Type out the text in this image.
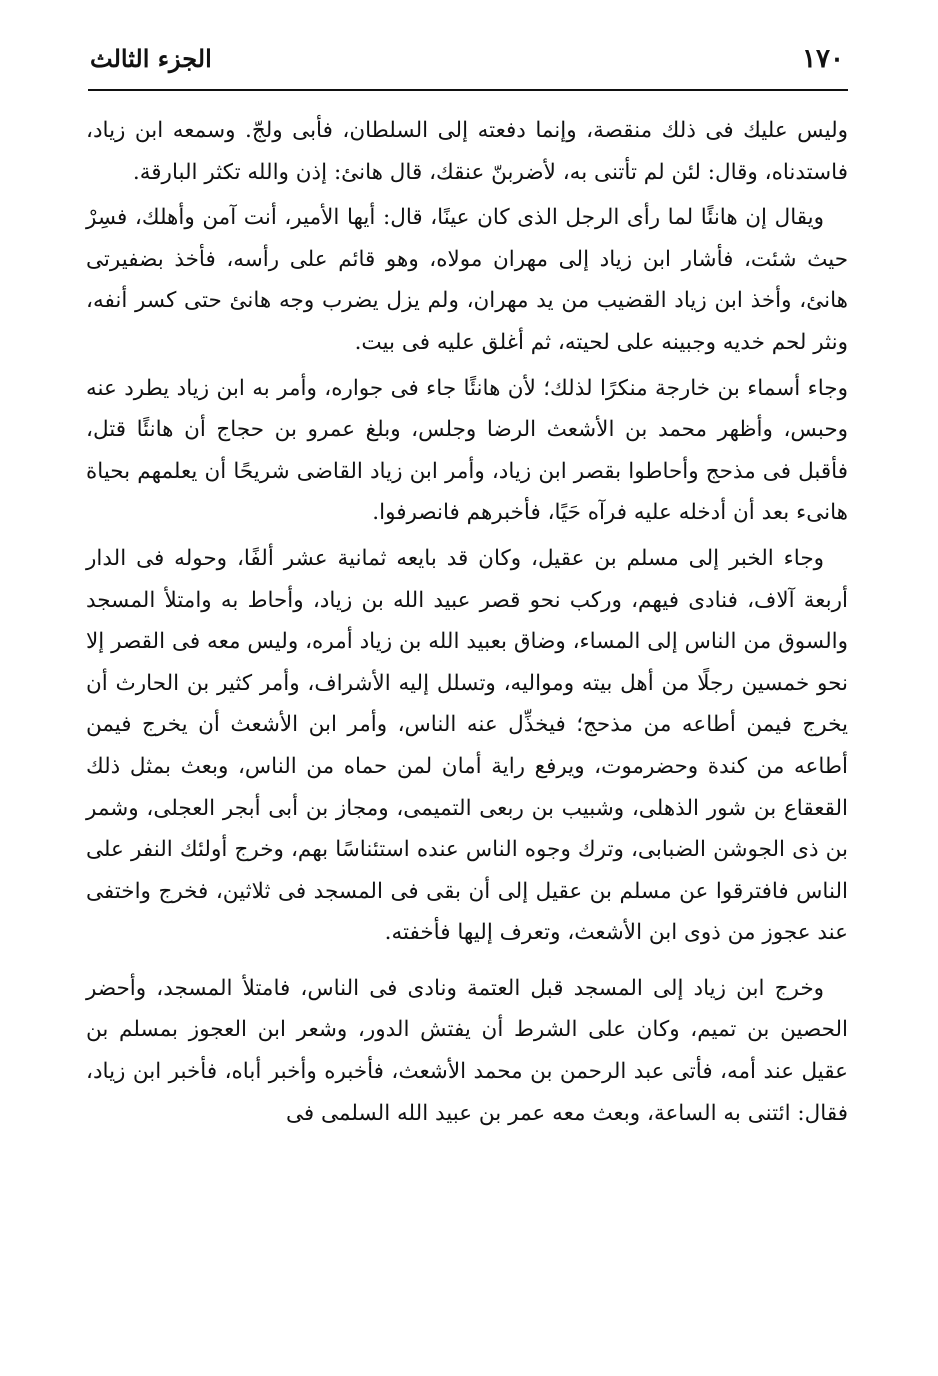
١٧٠
الجزء الثالث

وليس عليك فى ذلك منقصة، وإنما دفعته إلى السلطان، فأبى ولجّ. وسمعه ابن زياد، فاستدناه، وقال: لئن لم تأتنى به، لأضربنّ عنقك، قال هانئ: إذن والله تكثر البارقة.

ويقال إن هانئًا لما رأى الرجل الذى كان عينًا، قال: أيها الأمير، أنت آمن وأهلك، فسِرْ حيث شئت، فأشار ابن زياد إلى مهران مولاه، وهو قائم على رأسه، فأخذ بضفيرتى هانئ، وأخذ ابن زياد القضيب من يد مهران، ولم يزل يضرب وجه هانئ حتى كسر أنفه، ونثر لحم خديه وجبينه على لحيته، ثم أغلق عليه فى بيت.

وجاء أسماء بن خارجة منكرًا لذلك؛ لأن هانئًا جاء فى جواره، وأمر به ابن زياد يطرد عنه وحبس، وأظهر محمد بن الأشعث الرضا وجلس، وبلغ عمرو بن حجاج أن هانئًا قتل، فأقبل فى مذحج وأحاطوا بقصر ابن زياد، وأمر ابن زياد القاضى شريحًا أن يعلمهم بحياة هانىء بعد أن أدخله عليه فرآه حَيًا، فأخبرهم فانصرفوا.

وجاء الخبر إلى مسلم بن عقيل، وكان قد بايعه ثمانية عشر ألفًا، وحوله فى الدار أربعة آلاف، فنادى فيهم، وركب نحو قصر عبيد الله بن زياد، وأحاط به وامتلأ المسجد والسوق من الناس إلى المساء، وضاق بعبيد الله بن زياد أمره، وليس معه فى القصر إلا نحو خمسين رجلًا من أهل بيته ومواليه، وتسلل إليه الأشراف، وأمر كثير بن الحارث أن يخرج فيمن أطاعه من مذحج؛ فيخذِّل عنه الناس، وأمر ابن الأشعث أن يخرج فيمن أطاعه من كندة وحضرموت، ويرفع راية أمان لمن حماه من الناس، وبعث بمثل ذلك القعقاع بن شور الذهلى، وشبيب بن ربعى التميمى، ومجاز بن أبى أبجر العجلى، وشمر بن ذى الجوشن الضبابى، وترك وجوه الناس عنده استئناسًا بهم، وخرج أولئك النفر على الناس فافترقوا عن مسلم بن عقيل إلى أن بقى فى المسجد فى ثلاثين، فخرج واختفى عند عجوز من ذوى ابن الأشعث، وتعرف إليها فأخفته.

وخرج ابن زياد إلى المسجد قبل العتمة ونادى فى الناس، فامتلأ المسجد، وأحضر الحصين بن تميم، وكان على الشرط أن يفتش الدور، وشعر ابن العجوز بمسلم بن عقيل عند أمه، فأتى عبد الرحمن بن محمد الأشعث، فأخبره وأخبر أباه، فأخبر ابن زياد، فقال: ائتنى به الساعة، وبعث معه عمر بن عبيد الله السلمى فى
